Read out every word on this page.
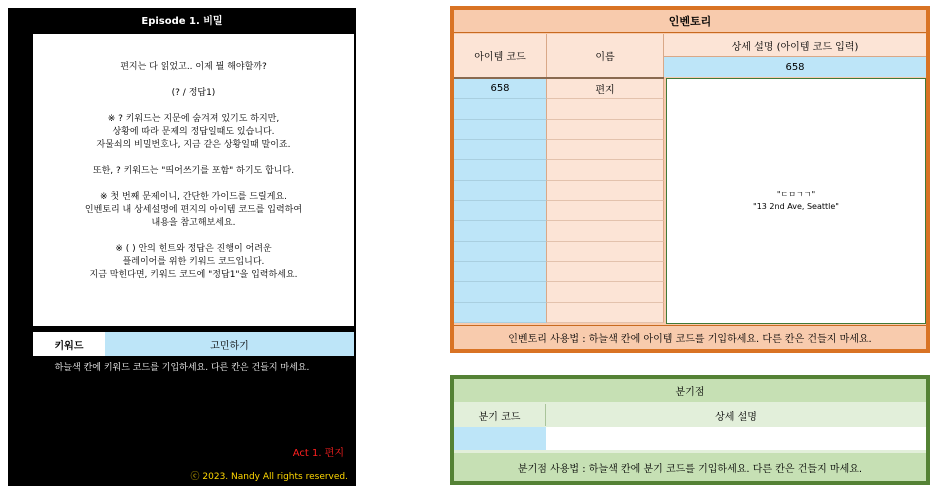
Episode 1. 비밀

편지는 다 읽었고.. 이제 뭘 해야할까?

(? / 정답1)

※ ? 키워드는 지문에 숨겨져 있기도 하지만,
상황에 따라 문제의 정답일때도 있습니다.
자물쇠의 비밀번호나, 지금 같은 상황일때 말이죠.

또한, ? 키워드는 "띄어쓰기를 포함" 하기도 합니다.

※ 첫 번째 문제이니, 간단한 가이드를 드릴게요.
인벤토리 내 상세설명에 편지의 아이템 코드를 입력하여
내용을 참고해보세요.

※ ( ) 안의 힌트와 정답은 진행이 어려운
플레이어를 위한 키워드 코드입니다.
지금 막힌다면, 키워드 코드에 "정답1"을 입력하세요.

키워드	고민하기
하늘색 칸에 키워드 코드를 기입하세요. 다른 칸은 건들지 마세요.
Act 1. 편지
ⓒ 2023. Nandy All rights reserved.
인벤토리
아이템 코드	이름
상세 설명 (아이템 코드 입력)
658
658	편지
"ㄷㅁㄱㄱ"
"13 2nd Ave, Seattle"
인벤토리 사용법 : 하늘색 칸에 아이템 코드를 기입하세요. 다른 칸은 건들지 마세요.
분기점
분기 코드	상세 설명
분기점 사용법 : 하늘색 칸에 분기 코드를 기입하세요. 다른 칸은 건들지 마세요.
